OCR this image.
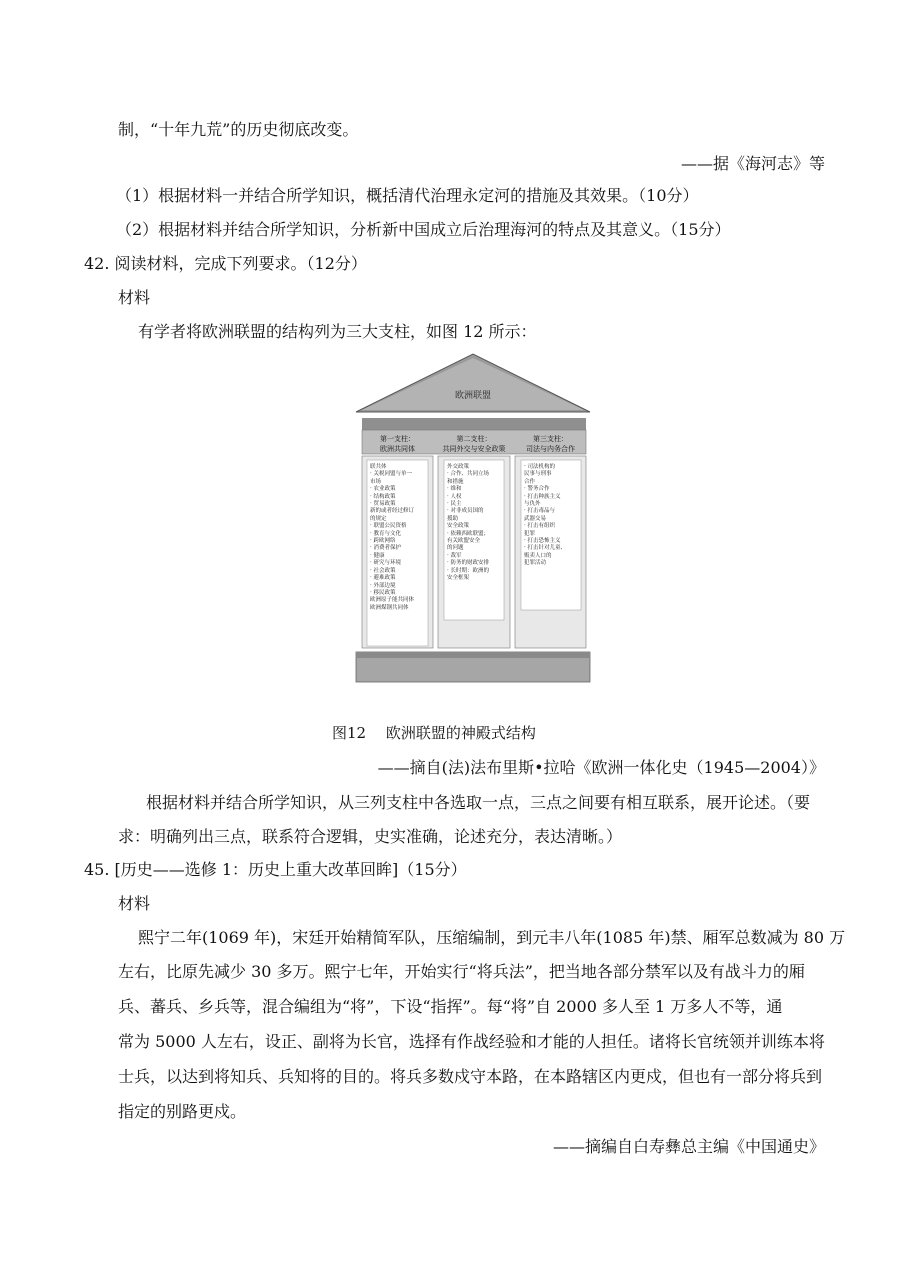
制，“十年九荒”的历史彻底改变。
——据《海河志》等
（1）根据材料一并结合所学知识，概括清代治理永定河的措施及其效果。（10分）
（2）根据材料并结合所学知识，分析新中国成立后治理海河的特点及其意义。（15分）
42. 阅读材料，完成下列要求。（12分）
材料
有学者将欧洲联盟的结构列为三大支柱，如图 12 所示：
欧洲联盟
第一支柱：
欧洲共同体
第二支柱：
共同外交与安全政策
第三支柱：
司法与内务合作
联共体
· 关税同盟与单一
市场
· 农业政策
· 结构政策
· 贸易政策
新的或者经过修订
的规定
· 联盟公民资格
· 教育与文化
· 跨欧网络
· 消费者保护
· 健康
· 研究与环境
· 社会政策
· 避难政策
· 外部边境
· 移民政策
欧洲原子能共同体
欧洲煤钢共同体
外交政策
· 合作、共同立场
和措施
· 维和
· 人权
· 民主
· 对非成员国的
援助
安全政策
· 依赖西欧联盟；
有关欧盟安全
的问题
· 裁军
· 防务的财政安排
· 长时期：欧洲的
安全框架
· 司法机构的
民事与刑事
合作
· 警务合作
· 打击种族主义
与仇外
· 打击毒品与
武器交易
· 打击有组织
犯罪
· 打击恐怖主义
· 打击针对儿童、
贩卖人口的
犯罪活动
图12　 欧洲联盟的神殿式结构
——摘自(法)法布里斯•拉哈《欧洲一体化史（1945—2004）》
根据材料并结合所学知识，从三列支柱中各选取一点，三点之间要有相互联系，展开论述。（要
求：明确列出三点，联系符合逻辑，史实准确，论述充分，表达清晰。）
45. [历史——选修 1：历史上重大改革回眸]（15分）
材料
熙宁二年(1069 年)，宋廷开始精简军队，压缩编制，到元丰八年(1085 年)禁、厢军总数减为 80 万
左右，比原先减少 30 多万。熙宁七年，开始实行“将兵法”，把当地各部分禁军以及有战斗力的厢
兵、蕃兵、乡兵等，混合编组为“将”，下设“指挥”。每“将”自 2000 多人至 1 万多人不等，通
常为 5000 人左右，设正、副将为长官，选择有作战经验和才能的人担任。诸将长官统领并训练本将
士兵，以达到将知兵、兵知将的目的。将兵多数戍守本路，在本路辖区内更戍，但也有一部分将兵到
指定的别路更戍。
——摘编自白寿彝总主编《中国通史》
